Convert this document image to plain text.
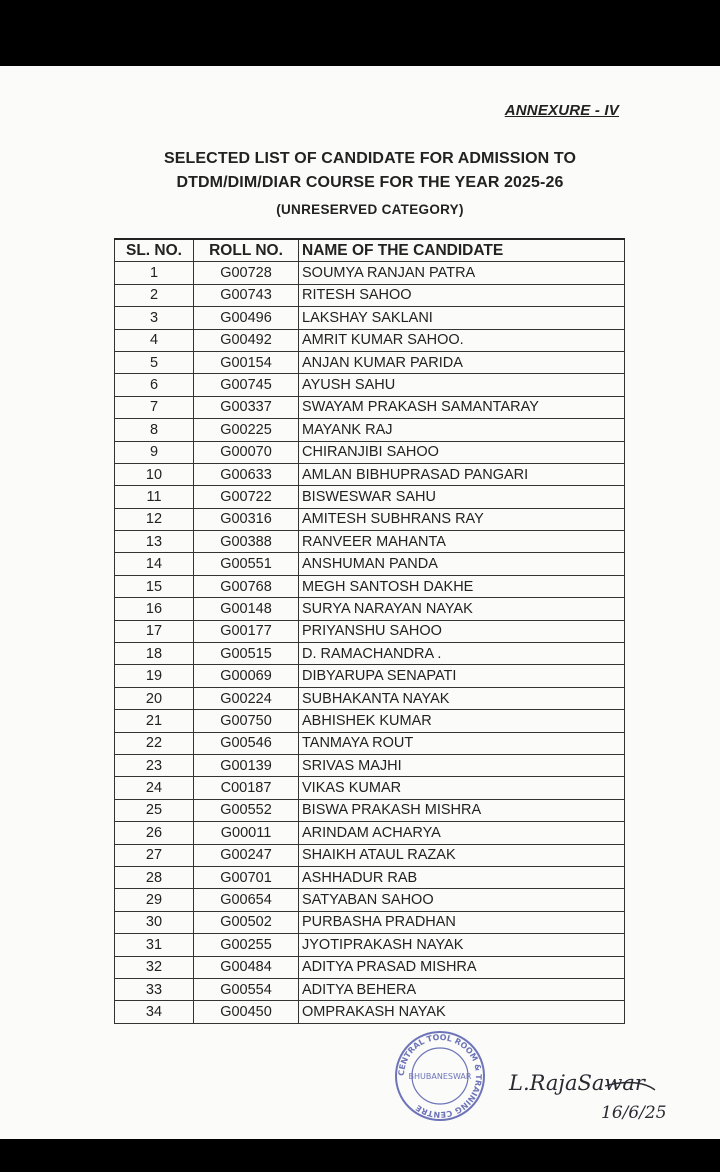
ANNEXURE - IV
SELECTED LIST OF CANDIDATE FOR ADMISSION TO
DTDM/DIM/DIAR COURSE FOR THE YEAR 2025-26
(UNRESERVED CATEGORY)
SL. NO.	ROLL NO.	NAME OF THE CANDIDATE
1	G00728	SOUMYA RANJAN PATRA
2	G00743	RITESH SAHOO
3	G00496	LAKSHAY SAKLANI
4	G00492	AMRIT KUMAR SAHOO.
5	G00154	ANJAN KUMAR PARIDA
6	G00745	AYUSH SAHU
7	G00337	SWAYAM PRAKASH SAMANTARAY
8	G00225	MAYANK RAJ
9	G00070	CHIRANJIBI SAHOO
10	G00633	AMLAN BIBHUPRASAD PANGARI
11	G00722	BISWESWAR SAHU
12	G00316	AMITESH SUBHRANS RAY
13	G00388	RANVEER MAHANTA
14	G00551	ANSHUMAN PANDA
15	G00768	MEGH SANTOSH DAKHE
16	G00148	SURYA NARAYAN NAYAK
17	G00177	PRIYANSHU SAHOO
18	G00515	D. RAMACHANDRA .
19	G00069	DIBYARUPA SENAPATI
20	G00224	SUBHAKANTA NAYAK
21	G00750	ABHISHEK KUMAR
22	G00546	TANMAYA ROUT
23	G00139	SRIVAS MAJHI
24	C00187	VIKAS KUMAR
25	G00552	BISWA PRAKASH MISHRA
26	G00011	ARINDAM ACHARYA
27	G00247	SHAIKH ATAUL RAZAK
28	G00701	ASHHADUR RAB
29	G00654	SATYABAN SAHOO
30	G00502	PURBASHA PRADHAN
31	G00255	JYOTIPRAKASH NAYAK
32	G00484	ADITYA PRASAD MISHRA
33	G00554	ADITYA BEHERA
34	G00450	OMPRAKASH NAYAK
CENTRAL TOOL ROOM & TRAINING CENTRE
BHUBANESWAR L.RajaSawar
16/6/25
